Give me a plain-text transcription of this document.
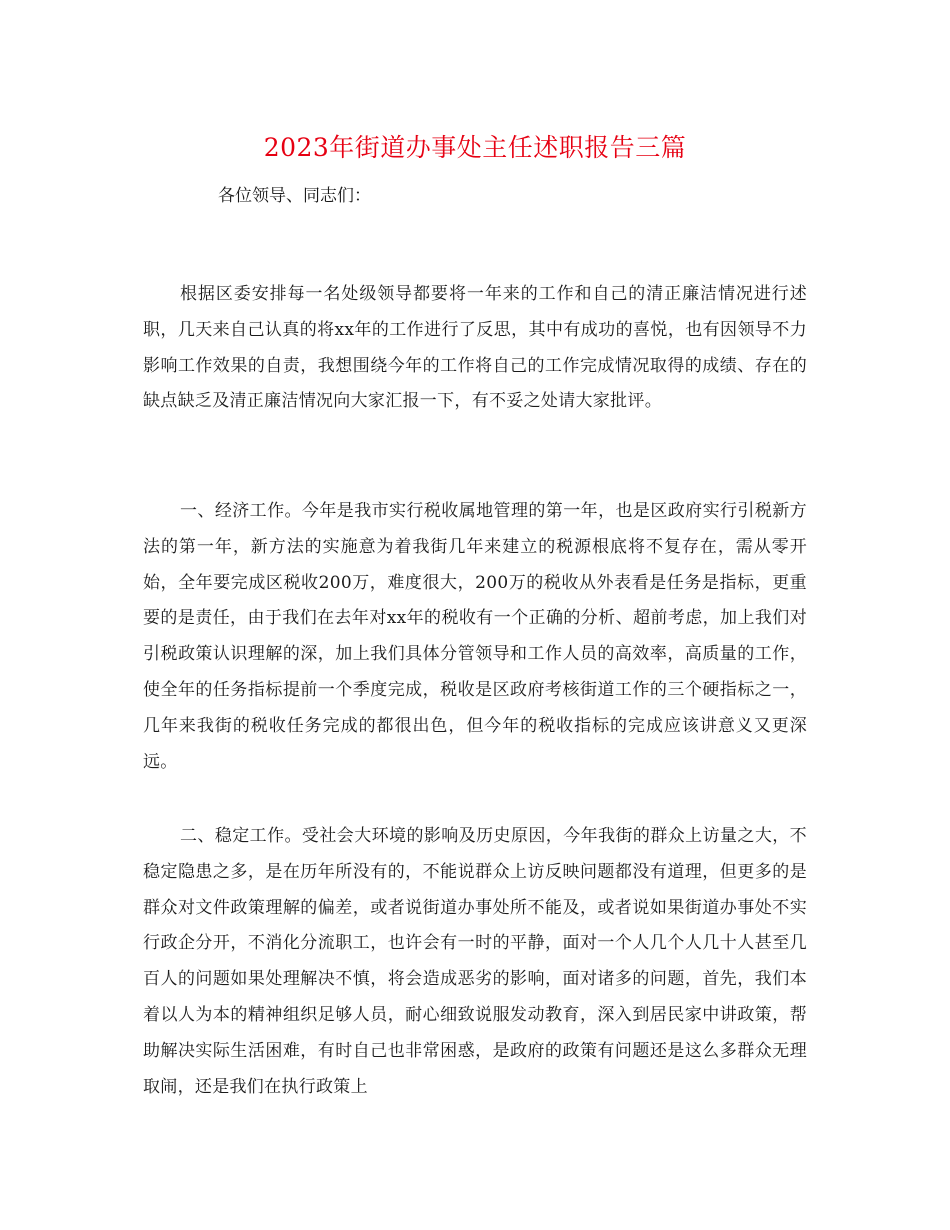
2023年街道办事处主任述职报告三篇
各位领导、同志们：

根据区委安排每一名处级领导都要将一年来的工作和自己的清正廉洁情况进行述职，几天来自己认真的将xx年的工作进行了反思，其中有成功的喜悦，也有因领导不力影响工作效果的自责，我想围绕今年的工作将自己的工作完成情况取得的成绩、存在的缺点缺乏及清正廉洁情况向大家汇报一下，有不妥之处请大家批评。

一、经济工作。今年是我市实行税收属地管理的第一年，也是区政府实行引税新方法的第一年，新方法的实施意为着我街几年来建立的税源根底将不复存在，需从零开始，全年要完成区税收200万，难度很大，200万的税收从外表看是任务是指标，更重要的是责任，由于我们在去年对xx年的税收有一个正确的分析、超前考虑，加上我们对引税政策认识理解的深，加上我们具体分管领导和工作人员的高效率，高质量的工作，使全年的任务指标提前一个季度完成，税收是区政府考核街道工作的三个硬指标之一，几年来我街的税收任务完成的都很出色，但今年的税收指标的完成应该讲意义又更深远。

二、稳定工作。受社会大环境的影响及历史原因，今年我街的群众上访量之大，不稳定隐患之多，是在历年所没有的，不能说群众上访反映问题都没有道理，但更多的是群众对文件政策理解的偏差，或者说街道办事处所不能及，或者说如果街道办事处不实行政企分开，不消化分流职工，也许会有一时的平静，面对一个人几个人几十人甚至几百人的问题如果处理解决不慎，将会造成恶劣的影响，面对诸多的问题，首先，我们本着以人为本的精神组织足够人员，耐心细致说服发动教育，深入到居民家中讲政策，帮助解决实际生活困难，有时自己也非常困惑，是政府的政策有问题还是这么多群众无理取闹，还是我们在执行政策上
